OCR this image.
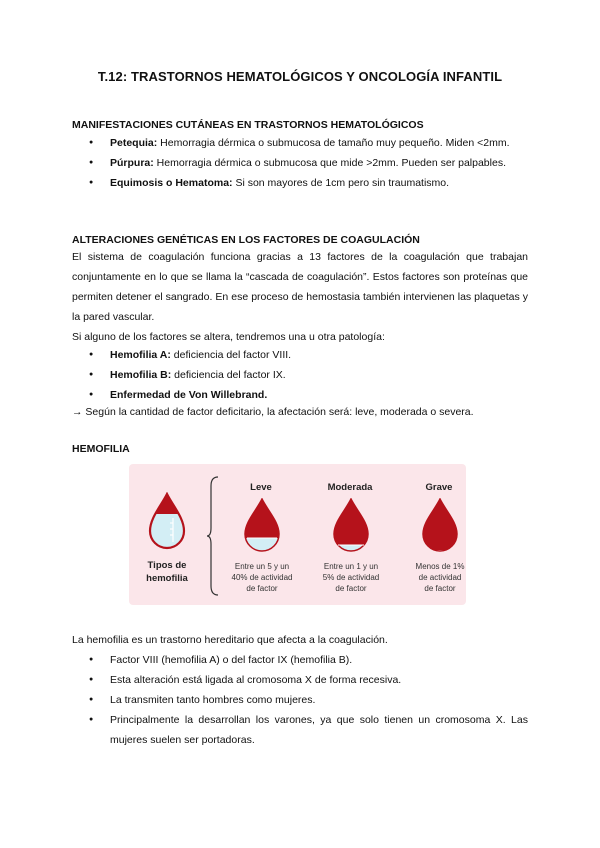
T.12: TRASTORNOS HEMATOLÓGICOS Y ONCOLOGÍA INFANTIL
MANIFESTACIONES CUTÁNEAS EN TRASTORNOS HEMATOLÓGICOS
● Petequia: Hemorragia dérmica o submucosa de tamaño muy pequeño. Miden <2mm.
● Púrpura: Hemorragia dérmica o submucosa que mide >2mm. Pueden ser palpables.
● Equimosis o Hematoma: Si son mayores de 1cm pero sin traumatismo.
ALTERACIONES GENÉTICAS EN LOS FACTORES DE COAGULACIÓN
El sistema de coagulación funciona gracias a 13 factores de la coagulación que trabajan conjuntamente en lo que se llama la “cascada de coagulación”. Estos factores son proteínas que permiten detener el sangrado. En ese proceso de hemostasia también intervienen las plaquetas y la pared vascular.
Si alguno de los factores se altera, tendremos una u otra patología:
● Hemofilia A: deficiencia del factor VIII.
● Hemofilia B: deficiencia del factor IX.
● Enfermedad de Von Willebrand.
→ Según la cantidad de factor deficitario, la afectación será: leve, moderada o severa.
HEMOFILIA
Tipos de
hemofilia
Leve
Entre un 5 y un
40% de actividad
de factor
Moderada
Entre un 1 y un
5% de actividad
de factor
Grave
Menos de 1%
de actividad
de factor
La hemofilia es un trastorno hereditario que afecta a la coagulación.
● Factor VIII (hemofilia A) o del factor IX (hemofilia B).
● Esta alteración está ligada al cromosoma X de forma recesiva.
● La transmiten tanto hombres como mujeres.
● Principalmente la desarrollan los varones, ya que solo tienen un cromosoma X. Las mujeres suelen ser portadoras.
